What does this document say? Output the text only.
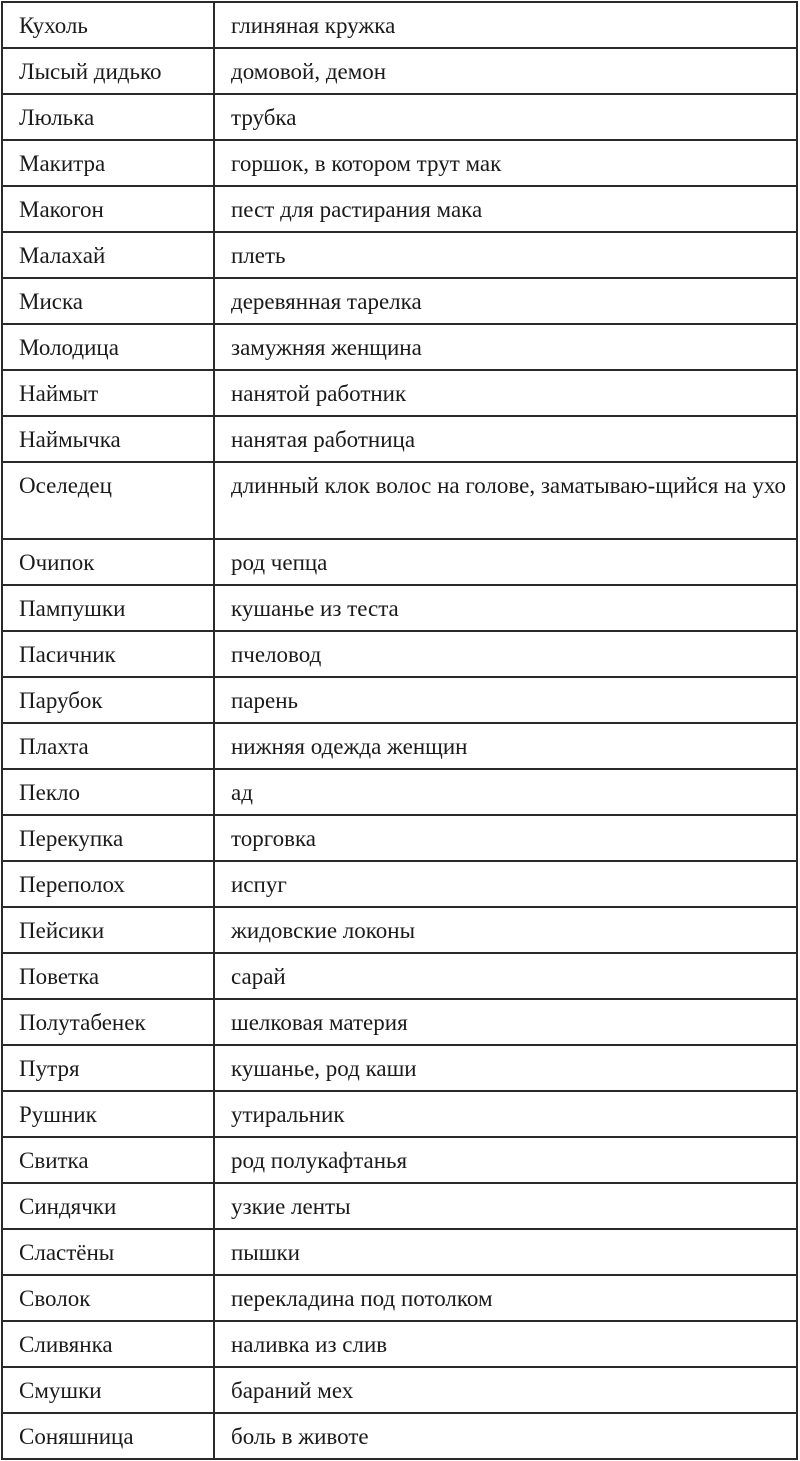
Кухоль	глиняная кружка
Лысый дидько	домовой, демон
Люлька	трубка
Макитра	горшок, в котором трут мак
Макогон	пест для растирания мака
Малахай	плеть
Миска	деревянная тарелка
Молодица	замужняя женщина
Наймыт	нанятой работник
Наймычка	нанятая работница
Оселедец	длинный клок волос на голове, заматываю-щийся на ухо
Очипок	род чепца
Пампушки	кушанье из теста
Пасичник	пчеловод
Парубок	парень
Плахта	нижняя одежда женщин
Пекло	ад
Перекупка	торговка
Переполох	испуг
Пейсики	жидовские локоны
Поветка	сарай
Полутабенек	шелковая материя
Путря	кушанье, род каши
Рушник	утиральник
Свитка	род полукафтанья
Синдячки	узкие ленты
Сластёны	пышки
Сволок	перекладина под потолком
Сливянка	наливка из слив
Смушки	бараний мех
Соняшница	боль в животе
